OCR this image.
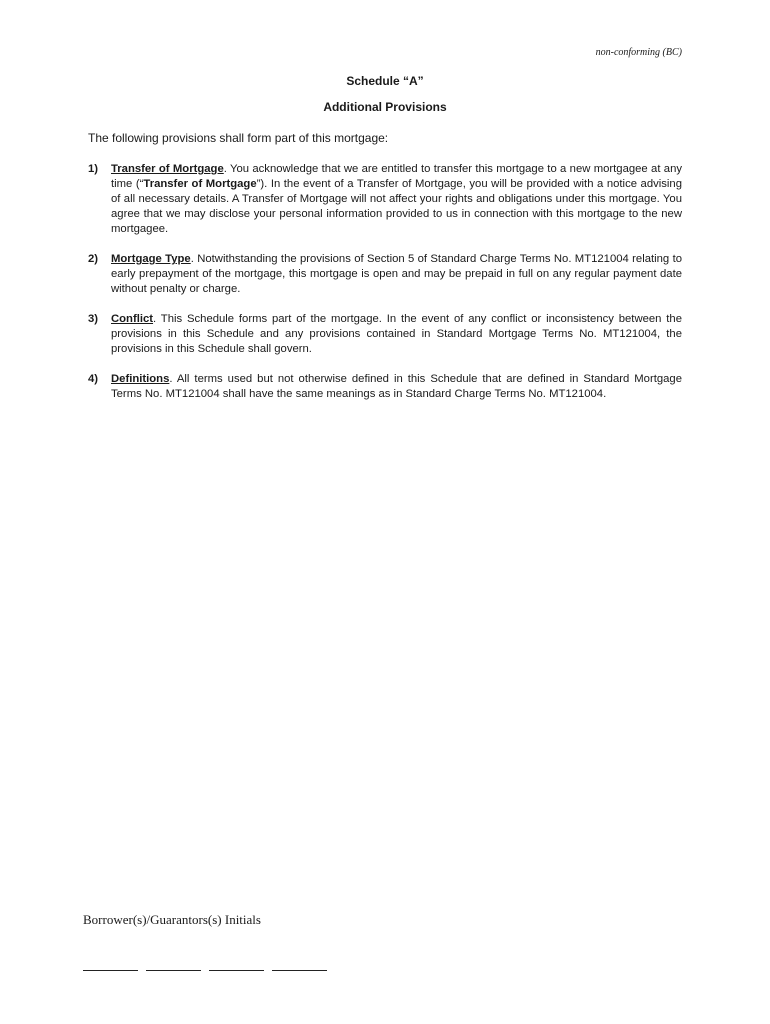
non-conforming (BC)
Schedule “A”
Additional Provisions
The following provisions shall form part of this mortgage:
1)	Transfer of Mortgage. You acknowledge that we are entitled to transfer this mortgage to a new mortgagee at any time (“Transfer of Mortgage”). In the event of a Transfer of Mortgage, you will be provided with a notice advising of all necessary details. A Transfer of Mortgage will not affect your rights and obligations under this mortgage. You agree that we may disclose your personal information provided to us in connection with this mortgage to the new mortgagee.
2)	Mortgage Type. Notwithstanding the provisions of Section 5 of Standard Charge Terms No. MT121004 relating to early prepayment of the mortgage, this mortgage is open and may be prepaid in full on any regular payment date without penalty or charge.
3)	Conflict. This Schedule forms part of the mortgage. In the event of any conflict or inconsistency between the provisions in this Schedule and any provisions contained in Standard Mortgage Terms No. MT121004, the provisions in this Schedule shall govern.
4)	Definitions. All terms used but not otherwise defined in this Schedule that are defined in Standard Mortgage Terms No. MT121004 shall have the same meanings as in Standard Charge Terms No. MT121004.
Borrower(s)/Guarantors(s) Initials
